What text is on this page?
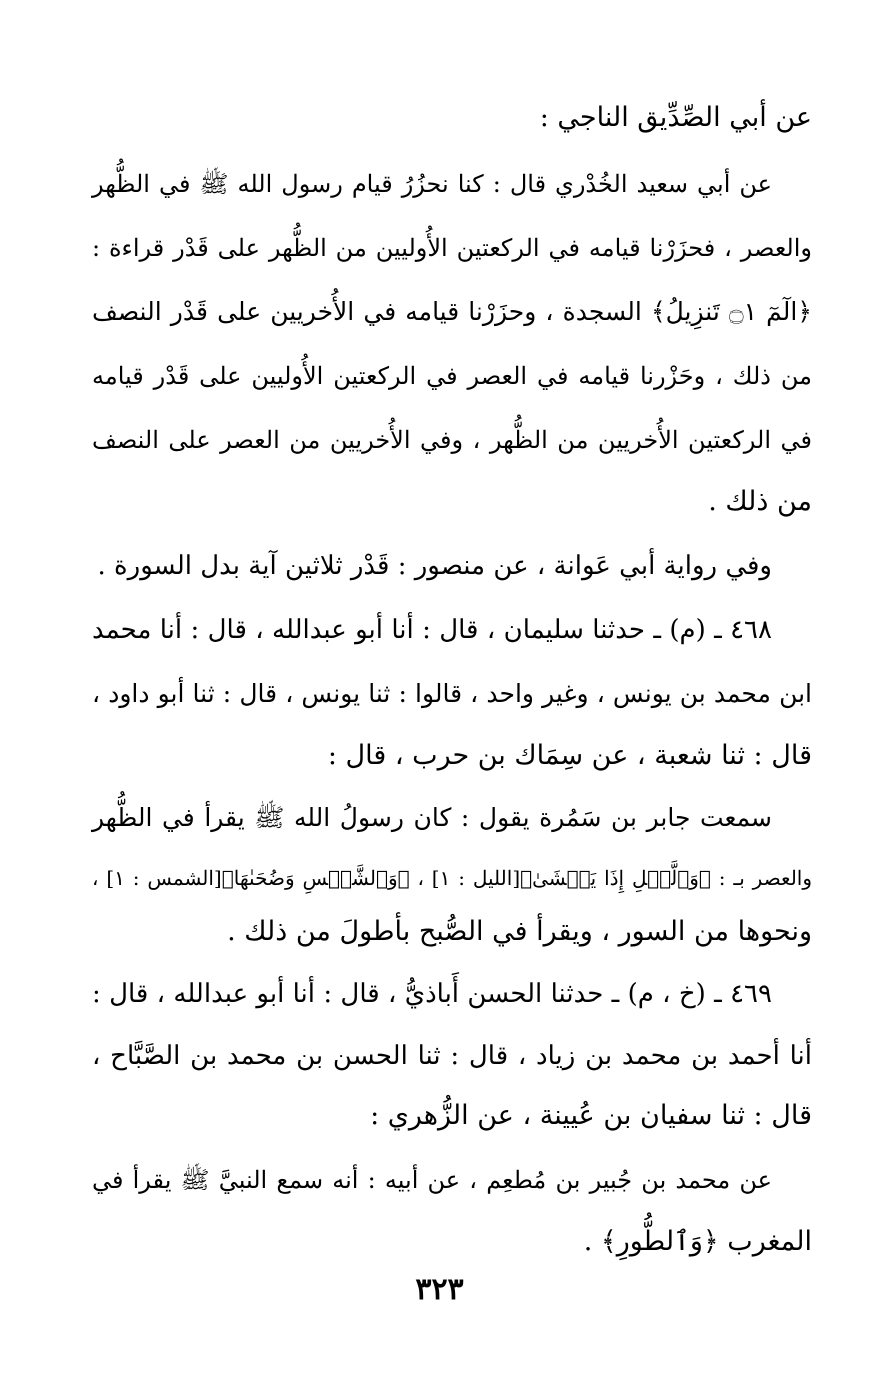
عن أبي الصِّدِّيق الناجي :
عن أبي سعيد الخُدْري قال : كنا نحزُرُ قيام رسول الله ﷺ في الظُّهر
والعصر ، فحزَرْنا قيامه في الركعتين الأُوليين من الظُّهر على قَدْر قراءة :
﴿الٓمٓ ۝١ تَنزِيلُ﴾ السجدة ، وحزَرْنا قيامه في الأُخريين على قَدْر النصف
من ذلك ، وحَزْرنا قيامه في العصر في الركعتين الأُوليين على قَدْر قيامه
في الركعتين الأُخريين من الظُّهر ، وفي الأُخريين من العصر على النصف
من ذلك .
وفي رواية أبي عَوانة ، عن منصور : قَدْر ثلاثين آية بدل السورة .
٤٦٨ ـ (م) ـ حدثنا سليمان ، قال : أنا أبو عبدالله ، قال : أنا محمد
ابن محمد بن يونس ، وغير واحد ، قالوا : ثنا يونس ، قال : ثنا أبو داود ،
قال : ثنا شعبة ، عن سِمَاك بن حرب ، قال :
سمعت جابر بن سَمُرة يقول : كان رسولُ الله ﷺ يقرأ في الظُّهر
والعصر بـ : ﴿وَٱلَّيۡلِ إِذَا يَغۡشَىٰ﴾[الليل : ١] ، ﴿وَٱلشَّمۡسِ وَضُحَىٰهَا﴾[الشمس : ١] ،
ونحوها من السور ، ويقرأ في الصُّبح بأطولَ من ذلك .
٤٦٩ ـ (خ ، م) ـ حدثنا الحسن أَباذيُّ ، قال : أنا أبو عبدالله ، قال :
أنا أحمد بن محمد بن زياد ، قال : ثنا الحسن بن محمد بن الصَّبَّاح ،
قال : ثنا سفيان بن عُيينة ، عن الزُّهري :
عن محمد بن جُبير بن مُطعِم ، عن أبيه : أنه سمع النبيَّ ﷺ يقرأ في
المغرب ﴿وَٱلطُّورِ﴾ .
٣٢٣
